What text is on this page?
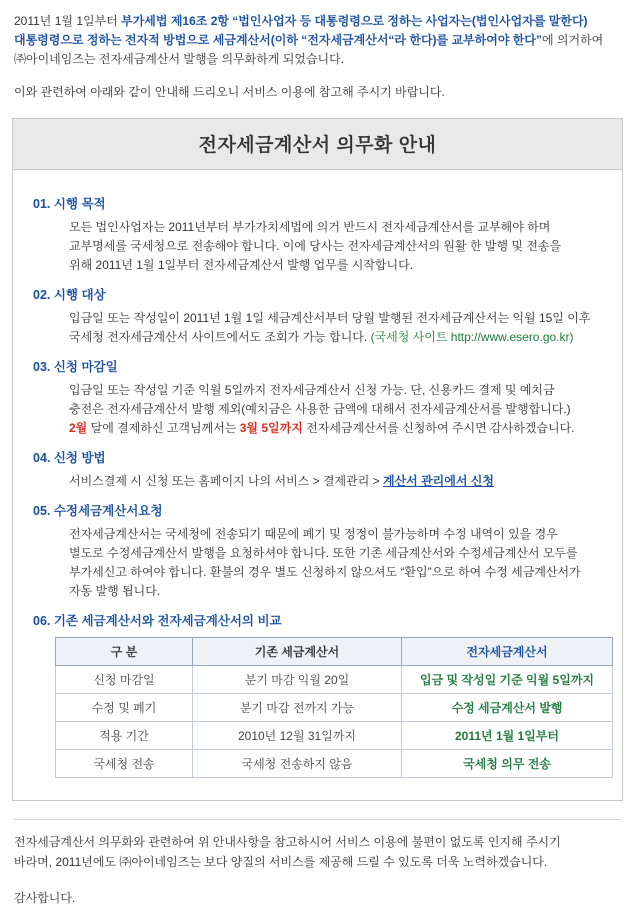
2011년 1월 1일부터 부가세법 제16조 2항 “법인사업자 등 대통령령으로 정하는 사업자는(법인사업자를 말한다)

대통령령으로 정하는 전자적 방법으로 세금계산서(이하 “전자세금계산서“라 한다)를 교부하여야 한다”에 의거하여

㈜아이네임즈는 전자세금계산서 발행을 의무화하게 되었습니다.

이와 관련하여 아래와 같이 안내해 드리오니 서비스 이용에 참고해 주시기 바랍니다.

전자세금계산서 의무화 안내
01. 시행 목적
모든 법인사업자는 2011년부터 부가가치세법에 의거 반드시 전자세금계산서를 교부해야 하며
교부명세를 국세청으로 전송해야 합니다. 이에 당사는 전자세금계산서의 원활 한 발행 및 전송을
위해 2011년 1월 1일부터 전자세금계산서 발행 업무를 시작합니다.
02. 시행 대상
입금일 또는 작성일이 2011년 1월 1일 세금계산서부터 당월 발행된 전자세금계산서는 익월 15일 이후
국세청 전자세금계산서 사이트에서도 조회가 가능 합니다. (국세청 사이트 http://www.esero.go.kr)
03. 신청 마감일
입금일 또는 작성일 기준 익월 5일까지 전자세금계산서 신청 가능. 단, 신용카드 결제 및 예치금
충전은 전자세금계산서 발행 제외(예치금은 사용한 금액에 대해서 전자세금계산서를 발행합니다.)
2월 달에 결제하신 고객님께서는 3월 5일까지 전자세금계산서를 신청하여 주시면 감사하겠습니다.
04. 신청 방법
서비스결제 시 신청 또는 홈페이지 나의 서비스 > 결제관리 > 계산서 관리에서 신청
05. 수정세금계산서요청
전자세금계산서는 국세청에 전송되기 때문에 폐기 및 정정이 불가능하며 수정 내역이 있을 경우
별도로 수정세금계산서 발행을 요청하셔야 합니다. 또한 기존 세금계산서와 수정세금계산서 모두를
부가세신고 하여야 합니다. 환불의 경우 별도 신청하지 않으셔도 “환입”으로 하여 수정 세금계산서가
자동 발행 됩니다.
06. 기존 세금계산서와 전자세금계산서의 비교
구 분	기존 세금계산서	전자세금계산서
신청 마감일	분기 마감 익월 20일	입금 및 작성일 기준 익월 5일까지
수정 및 폐기	분기 마감 전까지 가능	수정 세금계산서 발행
적용 기간	2010년 12월 31일까지	2011년 1월 1일부터
국세청 전송	국세청 전송하지 않음	국세청 의무 전송
전자세금계산서 의무화와 관련하여 위 안내사항을 참고하시어 서비스 이용에 불편이 없도록 인지해 주시기
바라며, 2011년에도 ㈜아이네임즈는 보다 양질의 서비스를 제공해 드릴 수 있도록 더욱 노력하겠습니다.
감사합니다.
